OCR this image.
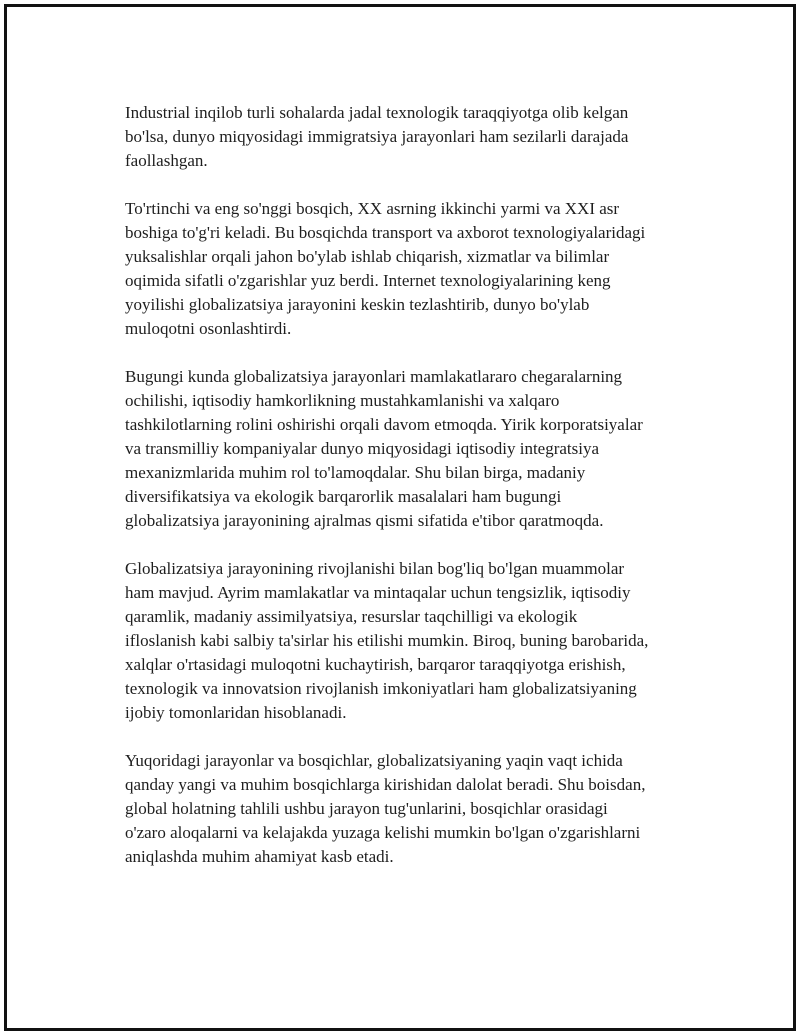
Industrial inqilob turli sohalarda jadal texnologik taraqqiyotga olib kelgan
bo'lsa, dunyo miqyosidagi immigratsiya jarayonlari ham sezilarli darajada
faollashgan.

To'rtinchi va eng so'nggi bosqich, XX asrning ikkinchi yarmi va XXI asr
boshiga to'g'ri keladi. Bu bosqichda transport va axborot texnologiyalaridagi
yuksalishlar orqali jahon bo'ylab ishlab chiqarish, xizmatlar va bilimlar
oqimida sifatli o'zgarishlar yuz berdi. Internet texnologiyalarining keng
yoyilishi globalizatsiya jarayonini keskin tezlashtirib, dunyo bo'ylab
muloqotni osonlashtirdi.

Bugungi kunda globalizatsiya jarayonlari mamlakatlararo chegaralarning
ochilishi, iqtisodiy hamkorlikning mustahkamlanishi va xalqaro
tashkilotlarning rolini oshirishi orqali davom etmoqda. Yirik korporatsiyalar
va transmilliy kompaniyalar dunyo miqyosidagi iqtisodiy integratsiya
mexanizmlarida muhim rol to'lamoqdalar. Shu bilan birga, madaniy
diversifikatsiya va ekologik barqarorlik masalalari ham bugungi
globalizatsiya jarayonining ajralmas qismi sifatida e'tibor qaratmoqda.

Globalizatsiya jarayonining rivojlanishi bilan bog'liq bo'lgan muammolar
ham mavjud. Ayrim mamlakatlar va mintaqalar uchun tengsizlik, iqtisodiy
qaramlik, madaniy assimilyatsiya, resurslar taqchilligi va ekologik
ifloslanish kabi salbiy ta'sirlar his etilishi mumkin. Biroq, buning barobarida,
xalqlar o'rtasidagi muloqotni kuchaytirish, barqaror taraqqiyotga erishish,
texnologik va innovatsion rivojlanish imkoniyatlari ham globalizatsiyaning
ijobiy tomonlaridan hisoblanadi.

Yuqoridagi jarayonlar va bosqichlar, globalizatsiyaning yaqin vaqt ichida
qanday yangi va muhim bosqichlarga kirishidan dalolat beradi. Shu boisdan,
global holatning tahlili ushbu jarayon tug'unlarini, bosqichlar orasidagi
o'zaro aloqalarni va kelajakda yuzaga kelishi mumkin bo'lgan o'zgarishlarni
aniqlashda muhim ahamiyat kasb etadi.
